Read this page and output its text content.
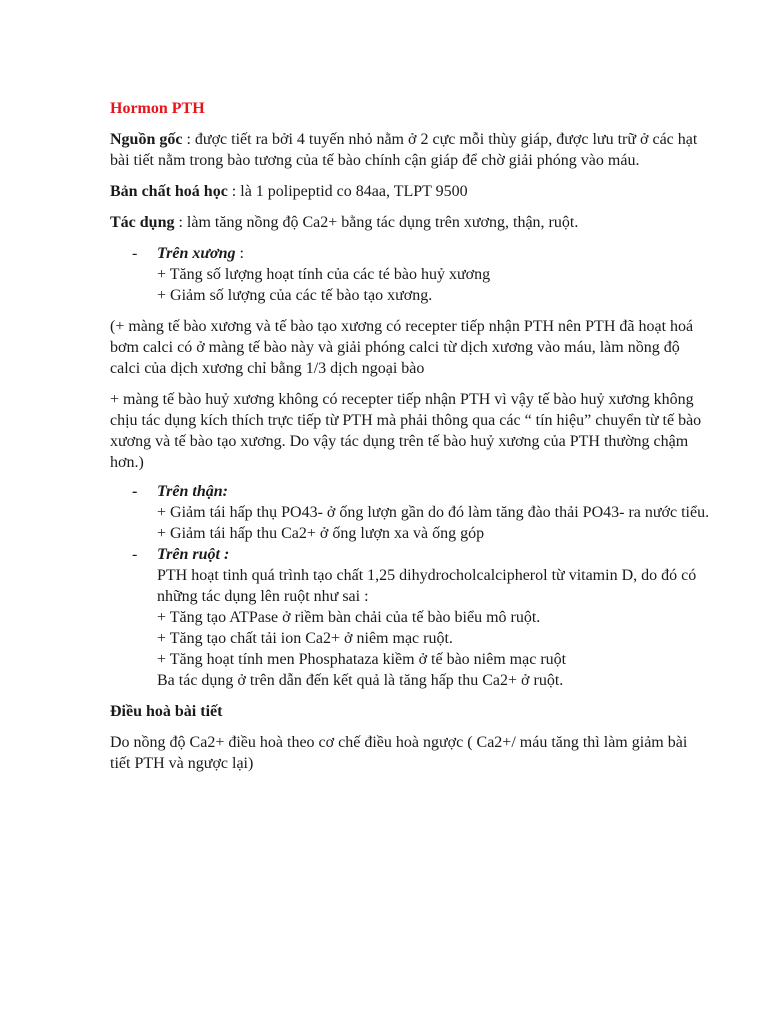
Hormon PTH

Nguồn gốc : được tiết ra bởi 4 tuyến nhỏ nằm ở 2 cực mỗi thùy giáp, được lưu trữ ở các hạt bài tiết nằm trong bào tương của tế bào chính cận giáp để chờ giải phóng vào máu.

Bản chất hoá học : là 1 polipeptid co 84aa, TLPT 9500

Tác dụng : làm tăng nồng độ Ca2+ bằng tác dụng trên xương, thận, ruột.

- Trên xương :
+ Tăng số lượng hoạt tính của các té bào huỷ xương
+ Giảm số lượng của các tế bào tạo xương.

(+ màng tế bào xương và tế bào tạo xương có recepter tiếp nhận PTH nên PTH đã hoạt hoá bơm calci có ở màng tế bào này và giải phóng calci từ dịch xương vào máu, làm nồng độ calci của dịch xương chỉ bằng 1/3 dịch ngoại bào

+ màng tế bào huỷ xương không có recepter tiếp nhận PTH vì vậy tế bào huỷ xương không chịu tác dụng kích thích trực tiếp từ PTH mà phải thông qua các “ tín hiệu” chuyển từ tế bào xương và tế bào tạo xương. Do vậy tác dụng trên tế bào huỷ xương của PTH thường chậm hơn.)

- Trên thận:
+ Giảm tái hấp thụ PO43- ở ống lượn gần do đó làm tăng đào thải PO43- ra nước tiểu.
+ Giảm tái hấp thu Ca2+ ở ống lượn xa và ống góp
- Trên ruột :
PTH hoạt tinh quá trình tạo chất 1,25 dihydrocholcalcipherol từ vitamin D, do đó có những tác dụng lên ruột như sai :
+ Tăng tạo ATPase ở riềm bàn chải của tế bào biểu mô ruột.
+ Tăng tạo chất tải ion Ca2+ ở niêm mạc ruột.
+ Tăng hoạt tính men Phosphataza kiềm ở tế bào niêm mạc ruột
Ba tác dụng ở trên dẫn đến kết quả là tăng hấp thu Ca2+ ở ruột.

Điều hoà bài tiết

Do nồng độ Ca2+ điều hoà theo cơ chế điều hoà ngược ( Ca2+/ máu tăng thì làm giảm bài tiết PTH và ngược lại)
